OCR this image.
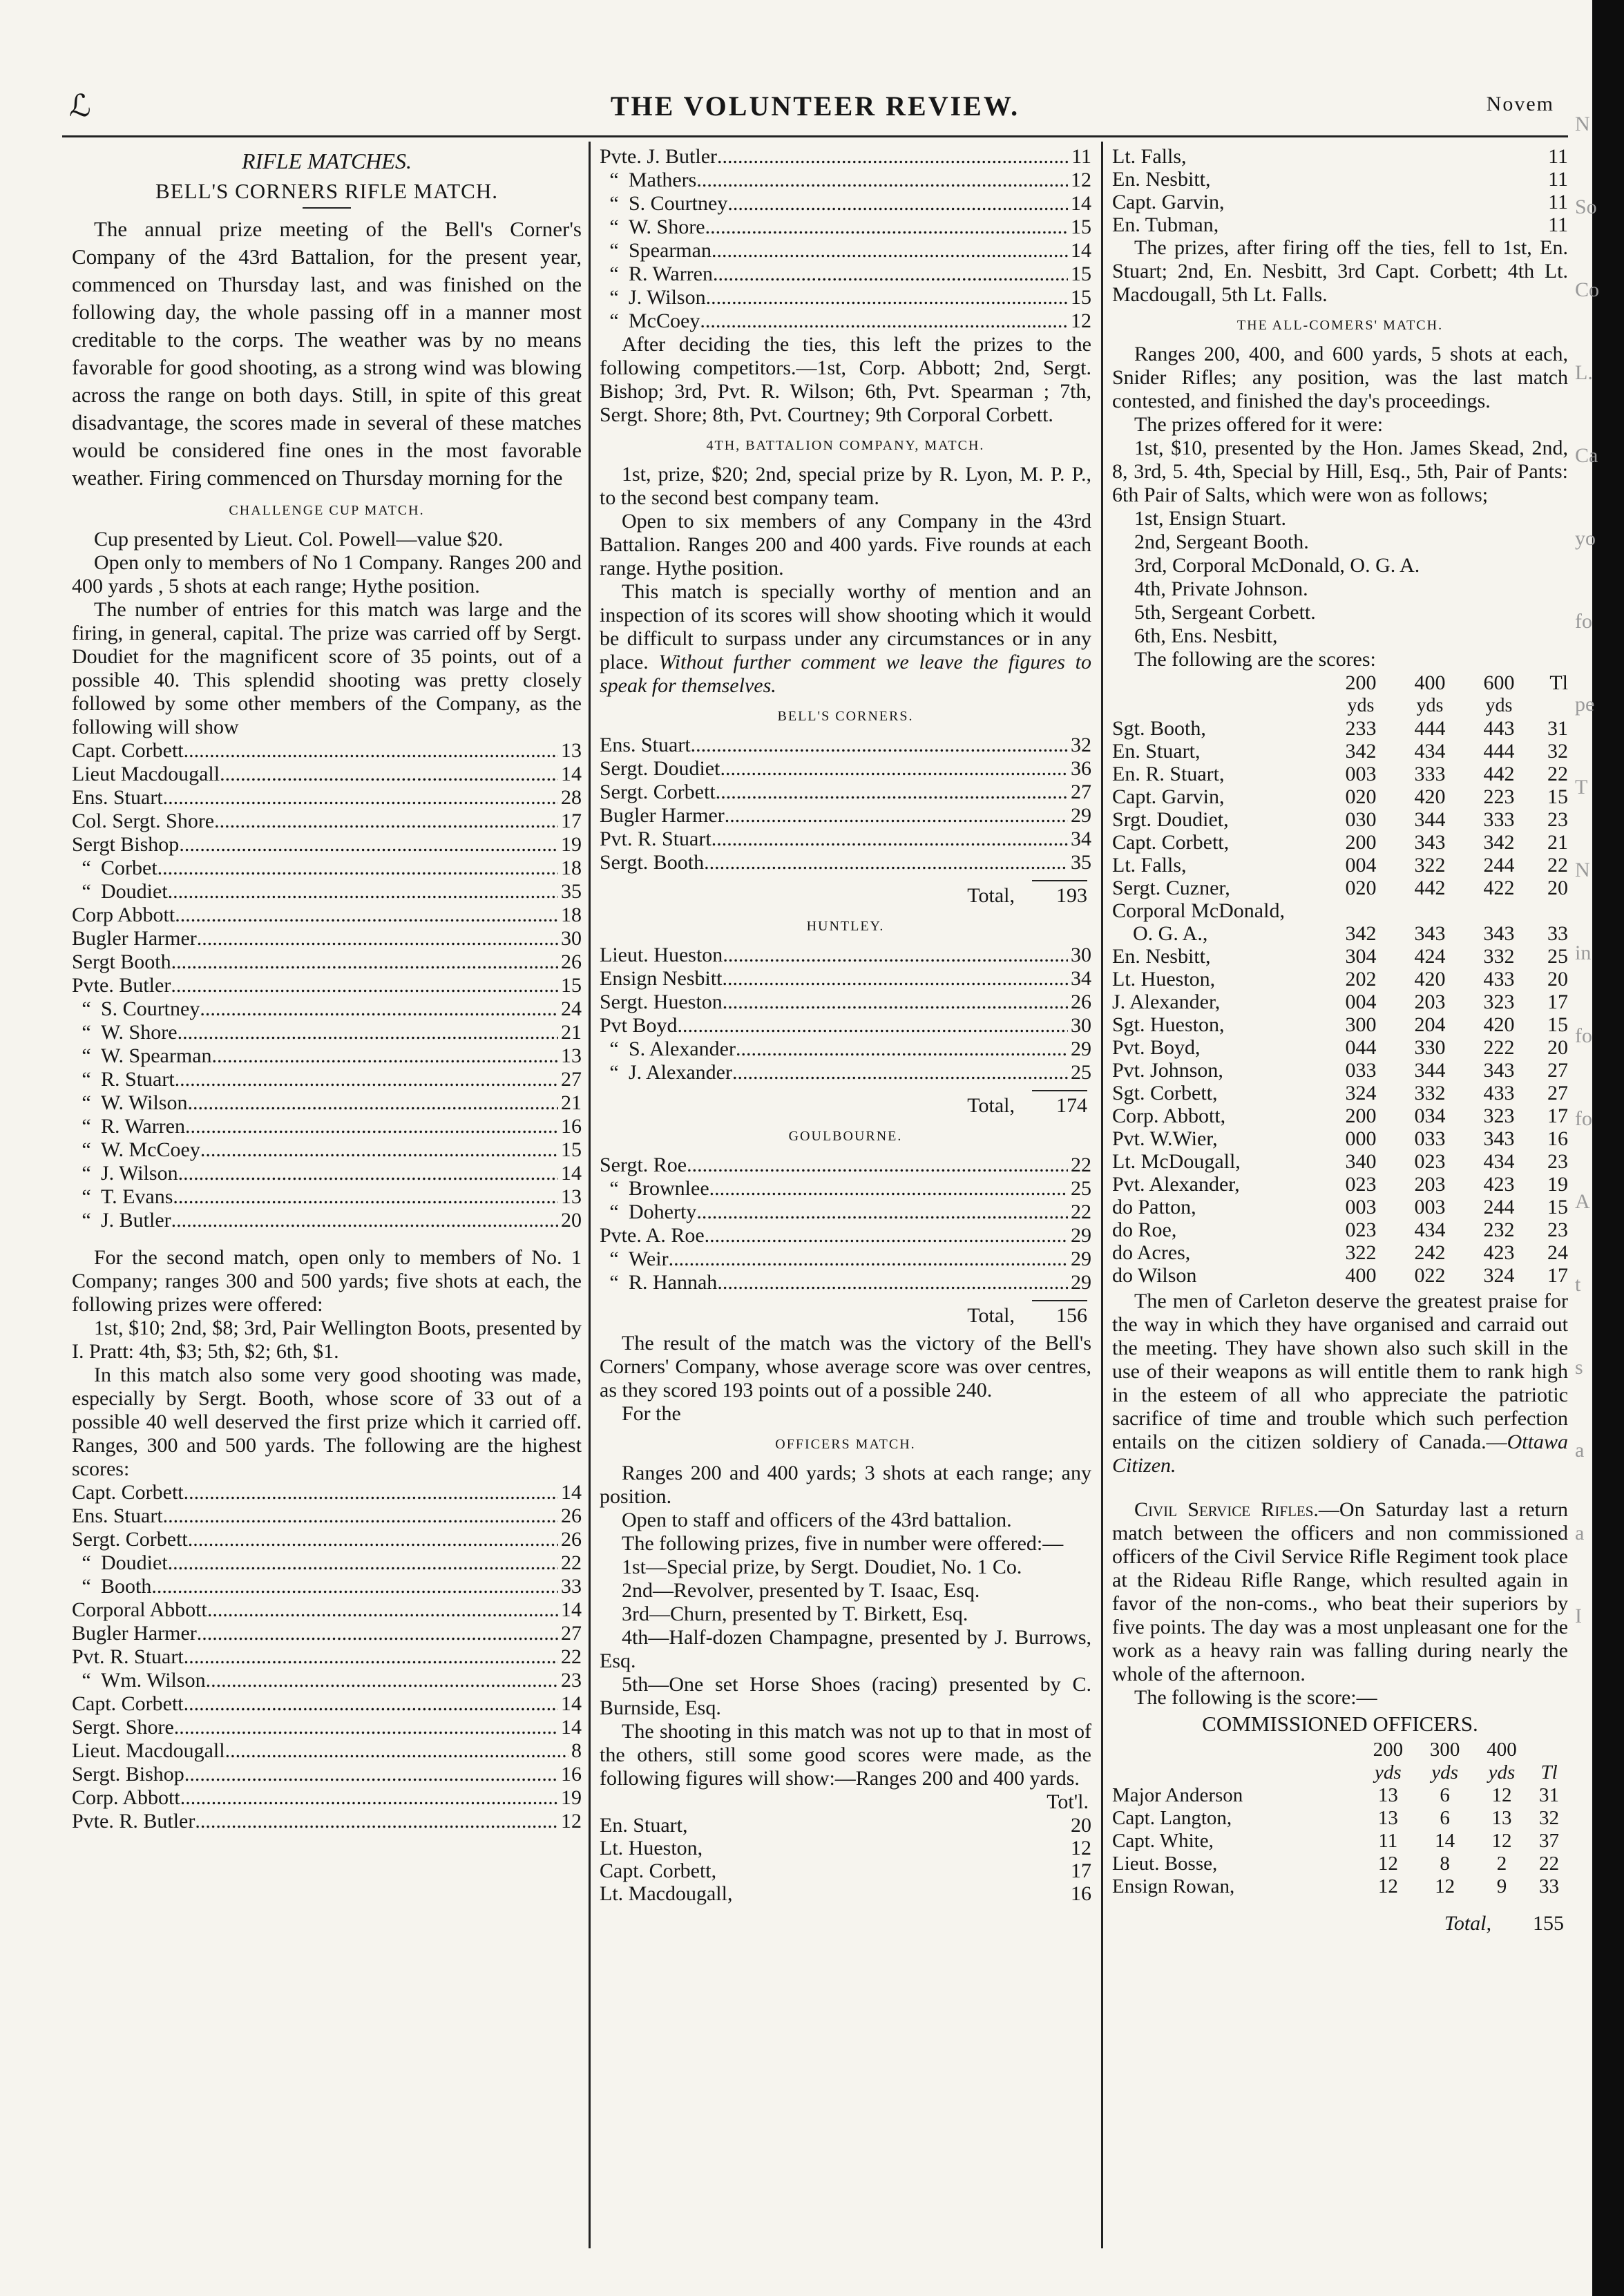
ℒ	THE VOLUNTEER REVIEW.	Novem
RIFLE MATCHES.
BELL'S CORNERS RIFLE MATCH.

The annual prize meeting of the Bell's Corner's Company of the 43rd Battalion, for the present year, commenced on Thursday last, and was finished on the following day, the whole passing off in a manner most creditable to the corps. The weather was by no means favorable for good shooting, as a strong wind was blowing across the range on both days. Still, in spite of this great disadvantage, the scores made in several of these matches would be considered fine ones in the most favorable weather. Firing commenced on Thursday morning for the

CHALLENGE CUP MATCH.

Cup presented by Lieut. Col. Powell—value $20.

Open only to members of No 1 Company. Ranges 200 and 400 yards , 5 shots at each range; Hythe position.

The number of entries for this match was large and the firing, in general, capital. The prize was carried off by Sergt. Doudiet for the magnificent score of 35 points, out of a possible 40. This splendid shooting was pretty closely followed by some other members of the Company, as the following will show

Capt. Corbett .....	13
Lieut Macdougall .....	14
Ens. Stuart .....	28
Col. Sergt. Shore .....	17
Sergt Bishop .....	19
“ Corbet .....	18
“ Doudiet .....	35
Corp Abbott .....	18
Bugler Harmer .....	30
Sergt Booth .....	26
Pvte. Butler .....	15
“ S. Courtney .....	24
“ W. Shore .....	21
“ W. Spearman .....	13
“ R. Stuart .....	27
“ W. Wilson .....	21
“ R. Warren .....	16
“ W. McCoey .....	15
“ J. Wilson .....	14
“ T. Evans .....	13
“ J. Butler .....	20

For the second match, open only to members of No. 1 Company; ranges 300 and 500 yards; five shots at each, the following prizes were offered:

1st, $10; 2nd, $8; 3rd, Pair Wellington Boots, presented by I. Pratt: 4th, $3; 5th, $2; 6th, $1.

In this match also some very good shooting was made, especially by Sergt. Booth, whose score of 33 out of a possible 40 well deserved the first prize which it carried off. Ranges, 300 and 500 yards. The following are the highest scores:

Capt. Corbett .....	14
Ens. Stuart .....	26
Sergt. Corbett .....	26
“ Doudiet .....	22
“ Booth .....	33
Corporal Abbott .....	14
Bugler Harmer .....	27
Pvt. R. Stuart .....	22
“ Wm. Wilson .....	23
Capt. Corbett .....	14
Sergt. Shore .....	14
Lieut. Macdougall .....	8
Sergt. Bishop .....	16
Corp. Abbott .....	19
Pvte. R. Butler .....	12
Pvte. J. Butler .....	11
“ Mathers .....	12
“ S. Courtney .....	14
“ W. Shore .....	15
“ Spearman .....	14
“ R. Warren .....	15
“ J. Wilson .....	15
“ McCoey .....	12

After deciding the ties, this left the prizes to the following competitors.—1st, Corp. Abbott; 2nd, Sergt. Bishop; 3rd, Pvt. R. Wilson; 6th, Pvt. Spearman ; 7th, Sergt. Shore; 8th, Pvt. Courtney; 9th Corporal Corbett.

4TH, BATTALION COMPANY, MATCH.

1st, prize, $20; 2nd, special prize by R. Lyon, M. P. P., to the second best company team.

Open to six members of any Company in the 43rd Battalion. Ranges 200 and 400 yards. Five rounds at each range. Hythe position.

This match is specially worthy of mention and an inspection of its scores will show shooting which it would be difficult to surpass under any circumstances or in any place. Without further comment we leave the figures to speak for themselves.

BELL'S CORNERS.
Ens. Stuart .....	32
Sergt. Doudiet .....	36
Sergt. Corbett .....	27
Bugler Harmer .....	29
Pvt. R. Stuart .....	34
Sergt. Booth .....	35
Total, 193
HUNTLEY.
Lieut. Hueston .....	30
Ensign Nesbitt .....	34
Sergt. Hueston .....	26
Pvt Boyd .....	30
“ S. Alexander .....	29
“ J. Alexander .....	25
Total, 174
GOULBOURNE.
Sergt. Roe .....	22
“ Brownlee .....	25
“ Doherty .....	22
Pvte. A. Roe .....	29
“ Weir .....	29
“ R. Hannah .....	29
Total, 156

The result of the match was the victory of the Bell's Corners' Company, whose average score was over centres, as they scored 193 points out of a possible 240.

For the

OFFICERS MATCH.

Ranges 200 and 400 yards; 3 shots at each range; any position.

Open to staff and officers of the 43rd battalion.

The following prizes, five in number were offered:—

1st—Special prize, by Sergt. Doudiet, No. 1 Co.

2nd—Revolver, presented by T. Isaac, Esq.

3rd—Churn, presented by T. Birkett, Esq.

4th—Half-dozen Champagne, presented by J. Burrows, Esq.

5th—One set Horse Shoes (racing) presented by C. Burnside, Esq.

The shooting in this match was not up to that in most of the others, still some good scores were made, as the following figures will show:—Ranges 200 and 400 yards.

Tot'l.
En. Stuart,	20
Lt. Hueston,	12
Capt. Corbett,	17
Lt. Macdougall,	16
Lt. Falls,	11
En. Nesbitt,	11
Capt. Garvin,	11
En. Tubman,	11

The prizes, after firing off the ties, fell to 1st, En. Stuart; 2nd, En. Nesbitt, 3rd Capt. Corbett; 4th Lt. Macdougall, 5th Lt. Falls.

THE ALL-COMERS' MATCH.

Ranges 200, 400, and 600 yards, 5 shots at each, Snider Rifles; any position, was the last match contested, and finished the day's proceedings.

The prizes offered for it were:

1st, $10, presented by the Hon. James Skead, 2nd, 8, 3rd, 5. 4th, Special by Hill, Esq., 5th, Pair of Pants: 6th Pair of Salts, which were won as follows;

1st, Ensign Stuart.
2nd, Sergeant Booth.
3rd, Corporal McDonald, O. G. A.
4th, Private Johnson.
5th, Sergeant Corbett.
6th, Ens. Nesbitt,

The following are the scores:

	200	400	600	Tl
	yds	yds	yds	
Sgt. Booth,	233	444	443	31
En. Stuart,	342	434	444	32
En. R. Stuart,	003	333	442	22
Capt. Garvin,	020	420	223	15
Srgt. Doudiet,	030	344	333	23
Capt. Corbett,	200	343	342	21
Lt. Falls,	004	322	244	22
Sergt. Cuzner,	020	442	422	20
Corporal McDonald,				
O. G. A.,	342	343	343	33
En. Nesbitt,	304	424	332	25
Lt. Hueston,	202	420	433	20
J. Alexander,	004	203	323	17
Sgt. Hueston,	300	204	420	15
Pvt. Boyd,	044	330	222	20
Pvt. Johnson,	033	344	343	27
Sgt. Corbett,	324	332	433	27
Corp. Abbott,	200	034	323	17
Pvt. W.Wier,	000	033	343	16
Lt. McDougall,	340	023	434	23
Pvt. Alexander,	023	203	423	19
do Patton,	003	003	244	15
do Roe,	023	434	232	23
do Acres,	322	242	423	24
do Wilson	400	022	324	17

The men of Carleton deserve the greatest praise for the way in which they have organised and carraid out the meeting. They have shown also such skill in the use of their weapons as will entitle them to rank high in the esteem of all who appreciate the patriotic sacrifice of time and trouble which such perfection entails on the citizen soldiery of Canada.—Ottawa Citizen.

Civil Service Rifles.—On Saturday last a return match between the officers and non commissioned officers of the Civil Service Rifle Regiment took place at the Rideau Rifle Range, which resulted again in favor of the non-coms., who beat their superiors by five points. The day was a most unpleasant one for the work as a heavy rain was falling during nearly the whole of the afternoon.

The following is the score:—

COMMISSIONED OFFICERS.
	200	300	400	
	yds	yds	yds	Tl
Major Anderson	13	6	12	31
Capt. Langton,	13	6	13	32
Capt. White,	11	14	12	37
Lieut. Bosse,	12	8	2	22
Ensign Rowan,	12	12	9	33
Total, 155
N
So
Co
L.
Ca
yo
fo
pe
T
N
in
fo
fo
A
t
s
a
a
I
